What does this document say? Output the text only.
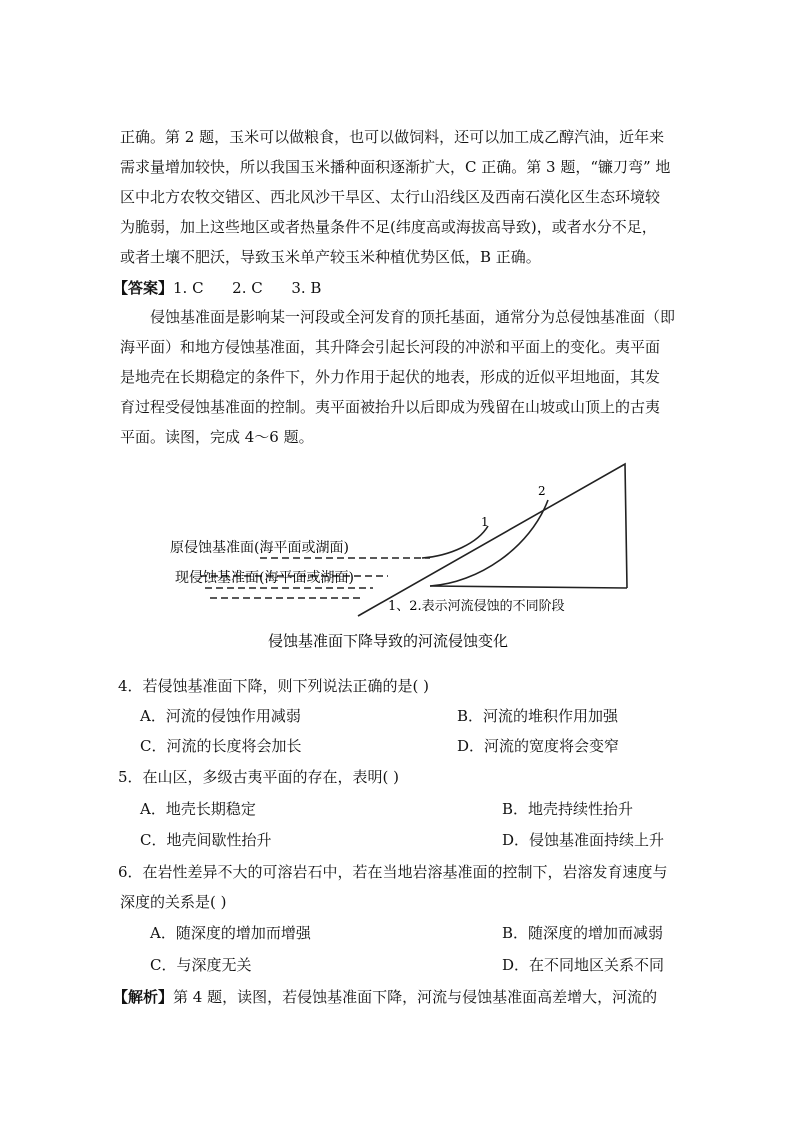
正确。第 2 题，玉米可以做粮食，也可以做饲料，还可以加工成乙醇汽油，近年来
需求量增加较快，所以我国玉米播种面积逐渐扩大，C 正确。第 3 题，“镰刀弯” 地
区中北方农牧交错区、西北风沙干旱区、太行山沿线区及西南石漠化区生态环境较
为脆弱，加上这些地区或者热量条件不足(纬度高或海拔高导致)，或者水分不足，
或者土壤不肥沃，导致玉米单产较玉米种植优势区低，B 正确。
【答案】1. C      2. C      3. B
侵蚀基准面是影响某一河段或全河发育的顶托基面，通常分为总侵蚀基准面（即
海平面）和地方侵蚀基准面，其升降会引起长河段的冲淤和平面上的变化。夷平面
是地壳在长期稳定的条件下，外力作用于起伏的地表，形成的近似平坦地面，其发
育过程受侵蚀基准面的控制。夷平面被抬升以后即成为残留在山坡或山顶上的古夷
平面。读图，完成 4～6 题。
1
2
原侵蚀基准面(海平面或湖面)
现侵蚀基准面(海平面或湖面)
1、2.表示河流侵蚀的不同阶段
侵蚀基准面下降导致的河流侵蚀变化
4．若侵蚀基准面下降，则下列说法正确的是( )
A．河流的侵蚀作用减弱	B．河流的堆积作用加强
C．河流的长度将会加长	D．河流的宽度将会变窄
5．在山区，多级古夷平面的存在，表明( )
A．地壳长期稳定	B．地壳持续性抬升
C．地壳间歇性抬升	D．侵蚀基准面持续上升
6．在岩性差异不大的可溶岩石中，若在当地岩溶基准面的控制下，岩溶发育速度与
深度的关系是( )
A．随深度的增加而增强	B．随深度的增加而减弱
C．与深度无关	D．在不同地区关系不同
【解析】第 4 题，读图，若侵蚀基准面下降，河流与侵蚀基准面高差增大，河流的
